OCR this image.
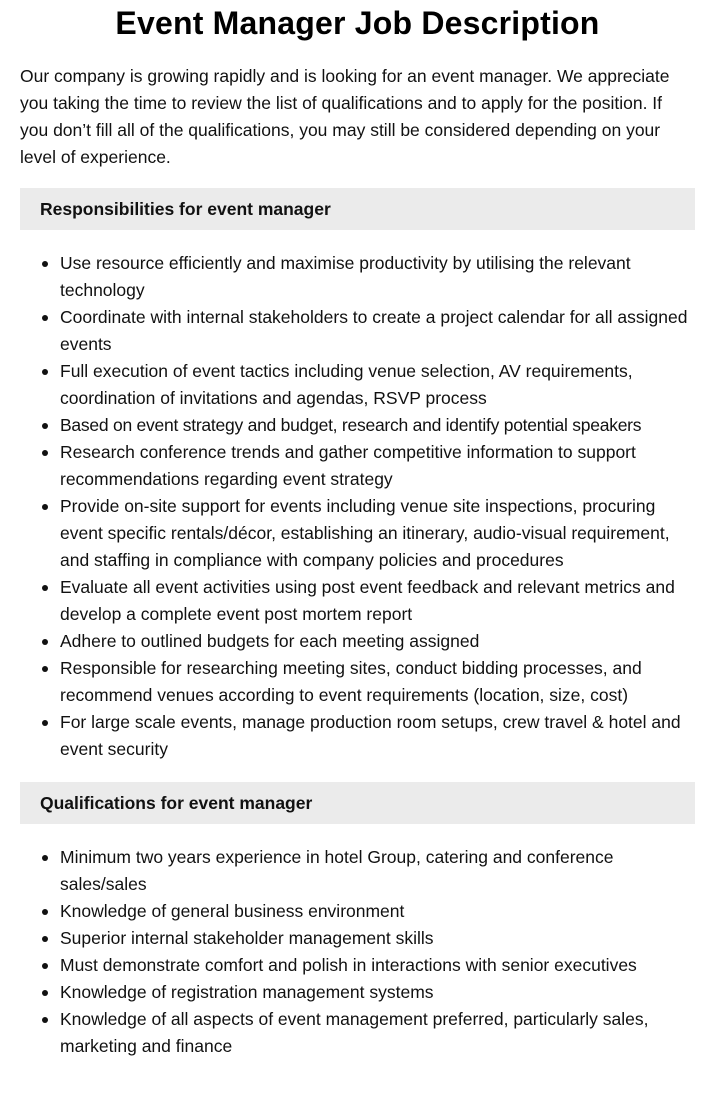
Event Manager Job Description

Our company is growing rapidly and is looking for an event manager. We appreciate you taking the time to review the list of qualifications and to apply for the position. If you don’t fill all of the qualifications, you may still be considered depending on your level of experience.

Responsibilities for event manager
Use resource efficiently and maximise productivity by utilising the relevant technology
Coordinate with internal stakeholders to create a project calendar for all assigned events
Full execution of event tactics including venue selection, AV requirements, coordination of invitations and agendas, RSVP process
Based on event strategy and budget, research and identify potential speakers
Research conference trends and gather competitive information to support recommendations regarding event strategy
Provide on-site support for events including venue site inspections, procuring event specific rentals/décor, establishing an itinerary, audio-visual requirement, and staffing in compliance with company policies and procedures
Evaluate all event activities using post event feedback and relevant metrics and develop a complete event post mortem report
Adhere to outlined budgets for each meeting assigned
Responsible for researching meeting sites, conduct bidding processes, and recommend venues according to event requirements (location, size, cost)
For large scale events, manage production room setups, crew travel & hotel and event security
Qualifications for event manager
Minimum two years experience in hotel Group, catering and conference sales/sales
Knowledge of general business environment
Superior internal stakeholder management skills
Must demonstrate comfort and polish in interactions with senior executives
Knowledge of registration management systems
Knowledge of all aspects of event management preferred, particularly sales, marketing and finance
